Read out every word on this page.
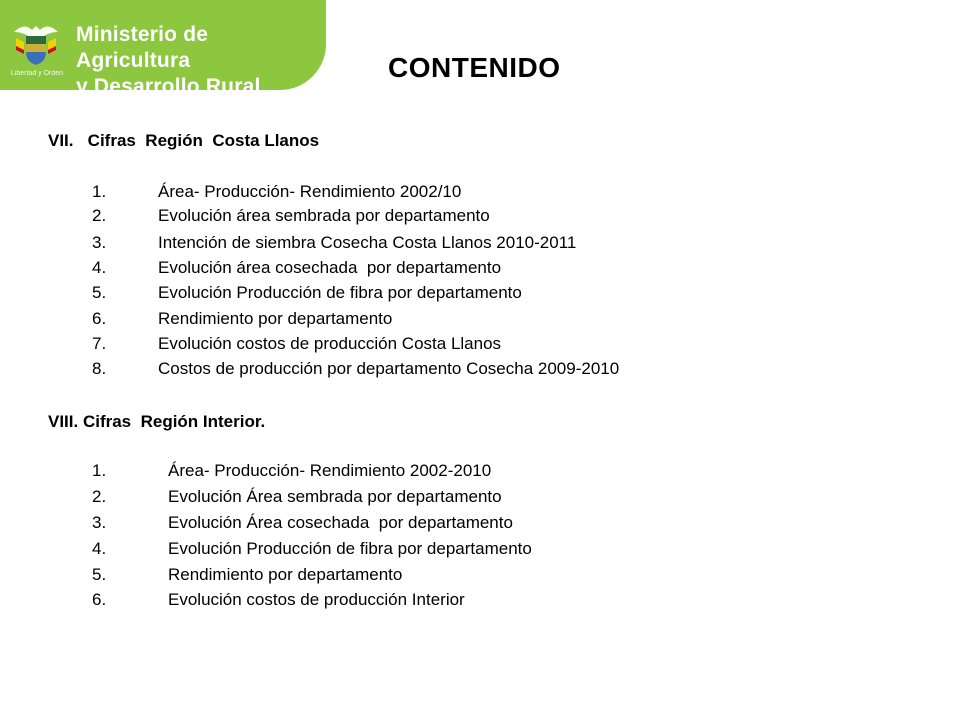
Libertad y Orden
Ministerio de Agricultura
y Desarrollo Rural
CONTENIDO
VII.   Cifras  Región  Costa Llanos
1.	Área- Producción- Rendimiento 2002/10
2.	Evolución área sembrada por departamento
3.	Intención de siembra Cosecha Costa Llanos 2010-2011
4.	Evolución área cosechada  por departamento
5.	Evolución Producción de fibra por departamento
6.	Rendimiento por departamento
7.	Evolución costos de producción Costa Llanos
8.	Costos de producción por departamento Cosecha 2009-2010
VIII. Cifras  Región Interior.
1.	Área- Producción- Rendimiento 2002-2010
2.	Evolución Área sembrada por departamento
3.	Evolución Área cosechada  por departamento
4.	Evolución Producción de fibra por departamento
5.	Rendimiento por departamento
6.	Evolución costos de producción Interior
